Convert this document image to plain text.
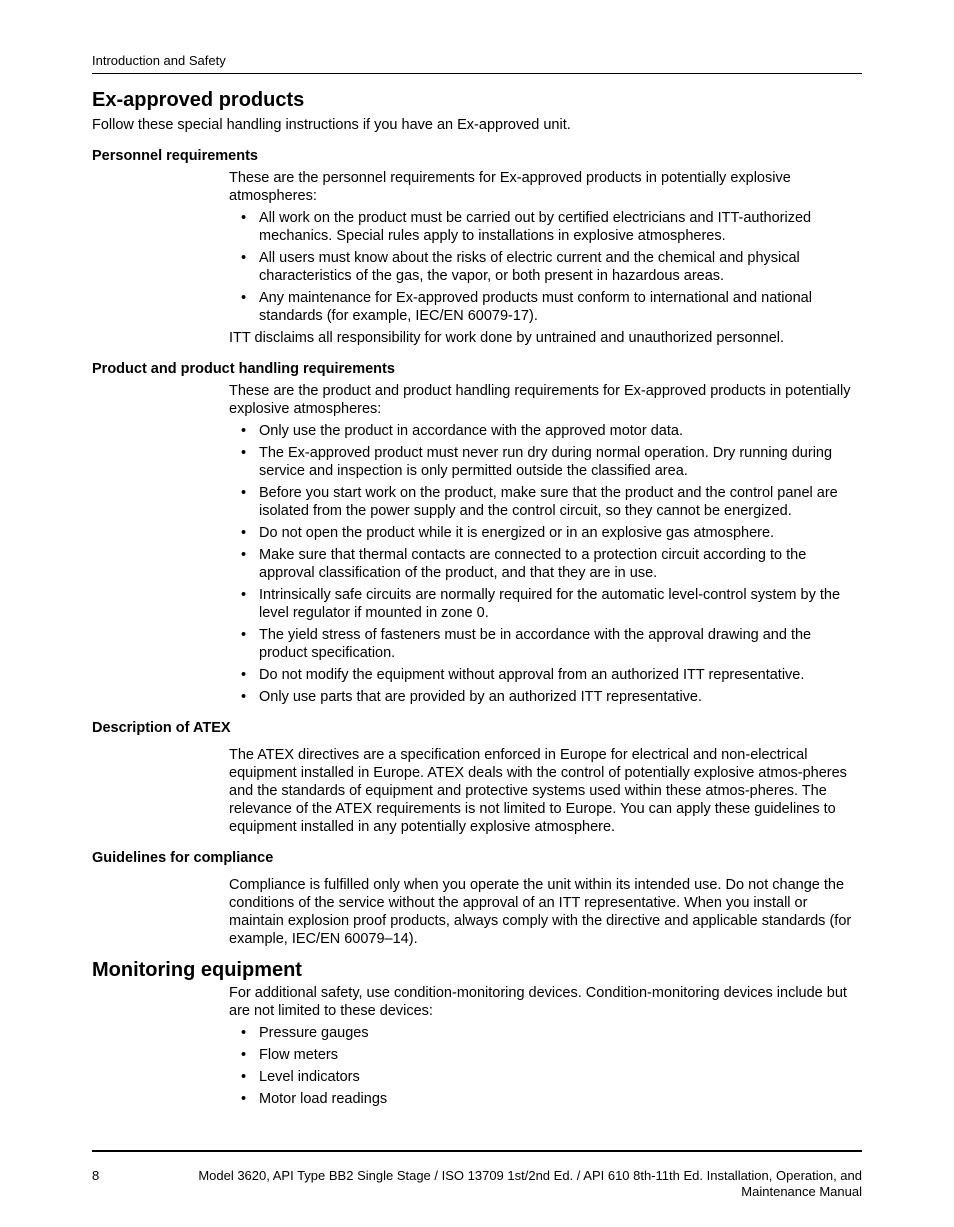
Introduction and Safety
Ex-approved products

Follow these special handling instructions if you have an Ex-approved unit.

Personnel requirements

These are the personnel requirements for Ex-approved products in potentially explosive atmospheres:

• All work on the product must be carried out by certified electricians and ITT-authorized mechanics. Special rules apply to installations in explosive atmospheres.
• All users must know about the risks of electric current and the chemical and physical characteristics of the gas, the vapor, or both present in hazardous areas.
• Any maintenance for Ex-approved products must conform to international and national standards (for example, IEC/EN 60079-17).

ITT disclaims all responsibility for work done by untrained and unauthorized personnel.

Product and product handling requirements

These are the product and product handling requirements for Ex-approved products in potentially explosive atmospheres:

• Only use the product in accordance with the approved motor data.
• The Ex-approved product must never run dry during normal operation. Dry running during service and inspection is only permitted outside the classified area.
• Before you start work on the product, make sure that the product and the control panel are isolated from the power supply and the control circuit, so they cannot be energized.
• Do not open the product while it is energized or in an explosive gas atmosphere.
• Make sure that thermal contacts are connected to a protection circuit according to the approval classification of the product, and that they are in use.
• Intrinsically safe circuits are normally required for the automatic level-control system by the level regulator if mounted in zone 0.
• The yield stress of fasteners must be in accordance with the approval drawing and the product specification.
• Do not modify the equipment without approval from an authorized ITT representative.
• Only use parts that are provided by an authorized ITT representative.
Description of ATEX

The ATEX directives are a specification enforced in Europe for electrical and non-electrical equipment installed in Europe. ATEX deals with the control of potentially explosive atmos-pheres and the standards of equipment and protective systems used within these atmos-pheres. The relevance of the ATEX requirements is not limited to Europe. You can apply these guidelines to equipment installed in any potentially explosive atmosphere.

Guidelines for compliance

Compliance is fulfilled only when you operate the unit within its intended use. Do not change the conditions of the service without the approval of an ITT representative. When you install or maintain explosion proof products, always comply with the directive and applicable standards (for example, IEC/EN 60079–14).

Monitoring equipment

For additional safety, use condition-monitoring devices. Condition-monitoring devices include but are not limited to these devices:

• Pressure gauges
• Flow meters
• Level indicators
• Motor load readings
8	Model 3620, API Type BB2 Single Stage / ISO 13709 1st/2nd Ed. / API 610 8th-11th Ed. Installation, Operation, and Maintenance Manual
